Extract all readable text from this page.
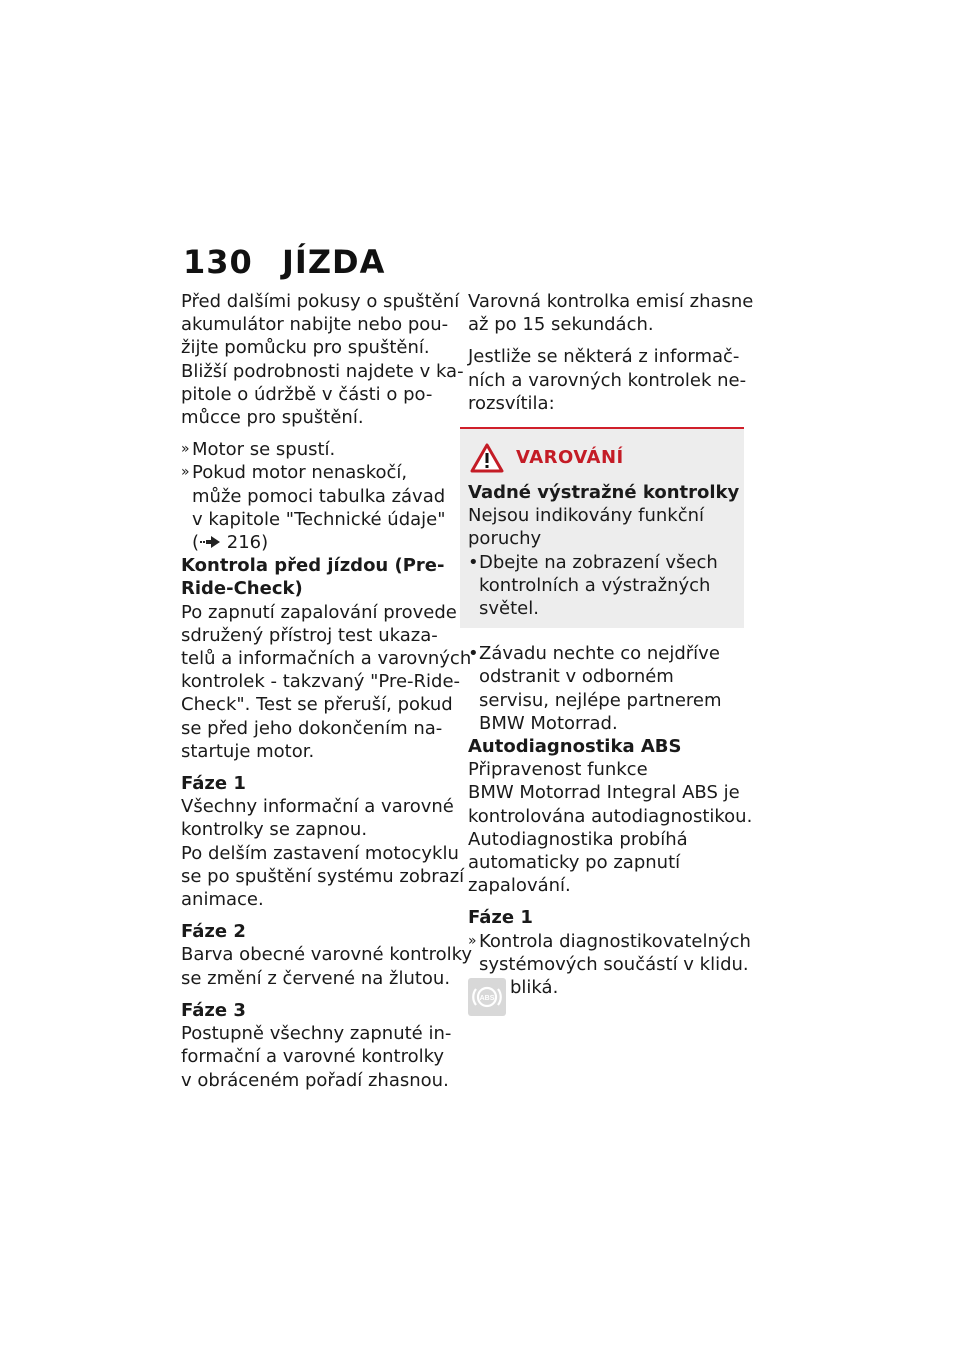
130 JÍZDA
Před dalšími pokusy o spuštění
akumulátor nabijte nebo pou-
žijte pomůcku pro spuštění.
Bližší podrobnosti najdete v ka-
pitole o údržbě v části o po-
můcce pro spuštění.
» Motor se spustí.
» Pokud motor nenaskočí,
může pomoci tabulka závad
v kapitole "Technické údaje"
( 216)
Kontrola před jízdou (Pre-
Ride-Check)
Po zapnutí zapalování provede
sdružený přístroj test ukaza-
telů a informačních a varovných
kontrolek - takzvaný "Pre-Ride-
Check". Test se přeruší, pokud
se před jeho dokončením na-
startuje motor.
Fáze 1
Všechny informační a varovné
kontrolky se zapnou.
Po delším zastavení motocyklu
se po spuštění systému zobrazí
animace.
Fáze 2
Barva obecné varovné kontrolky
se změní z červené na žlutou.
Fáze 3
Postupně všechny zapnuté in-
formační a varovné kontrolky
v obráceném pořadí zhasnou.
Varovná kontrolka emisí zhasne
až po 15 sekundách.
Jestliže se některá z informač-
ních a varovných kontrolek ne-
rozsvítila:
VAROVÁNÍ
Vadné výstražné kontrolky
Nejsou indikovány funkční
poruchy
• Dbejte na zobrazení všech
kontrolních a výstražných
světel.
• Závadu nechte co nejdříve
odstranit v odborném
servisu, nejlépe partnerem
BMW Motorrad.
Autodiagnostika ABS
Připravenost funkce
BMW Motorrad Integral ABS je
kontrolována autodiagnostikou.
Autodiagnostika probíhá
automaticky po zapnutí
zapalování.
Fáze 1
» Kontrola diagnostikovatelných
systémových součástí v klidu.
ABS
bliká.
